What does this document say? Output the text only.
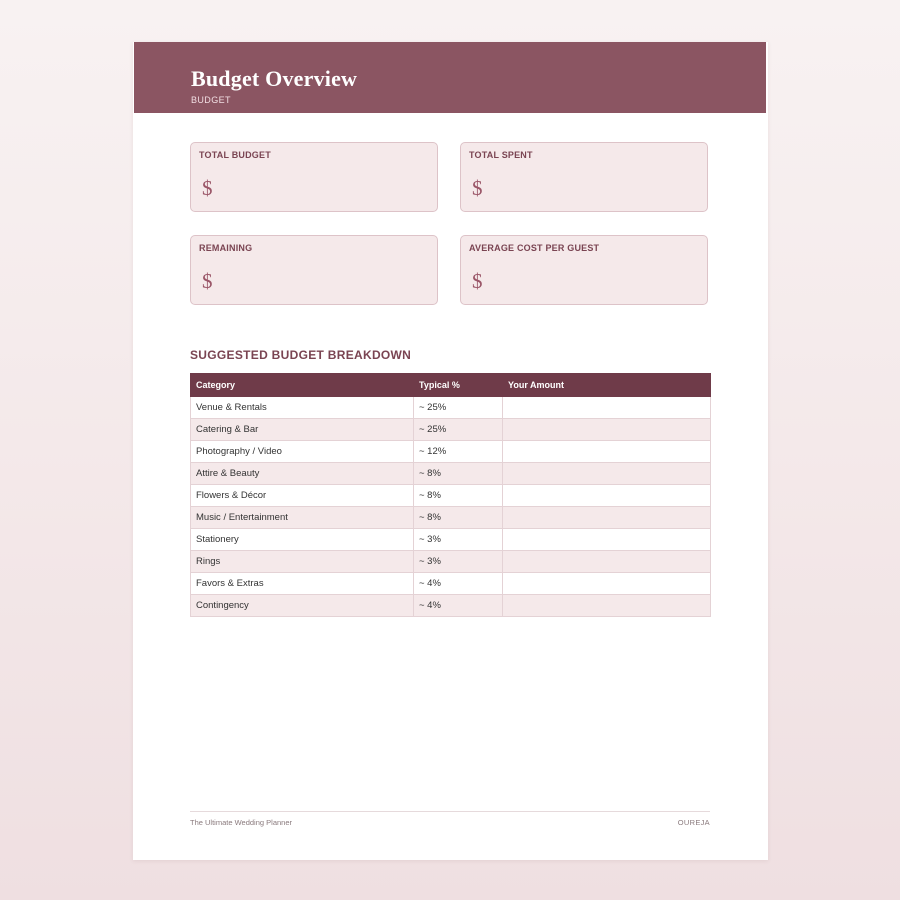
Budget Overview
BUDGET
TOTAL BUDGET
$
TOTAL SPENT
$
REMAINING
$
AVERAGE COST PER GUEST
$
SUGGESTED BUDGET BREAKDOWN
Category	Typical %	Your Amount
Venue & Rentals	~ 25%	
Catering & Bar	~ 25%	
Photography / Video	~ 12%	
Attire & Beauty	~ 8%	
Flowers & Décor	~ 8%	
Music / Entertainment	~ 8%	
Stationery	~ 3%	
Rings	~ 3%	
Favors & Extras	~ 4%	
Contingency	~ 4%	
The Ultimate Wedding Planner	OUREJA
